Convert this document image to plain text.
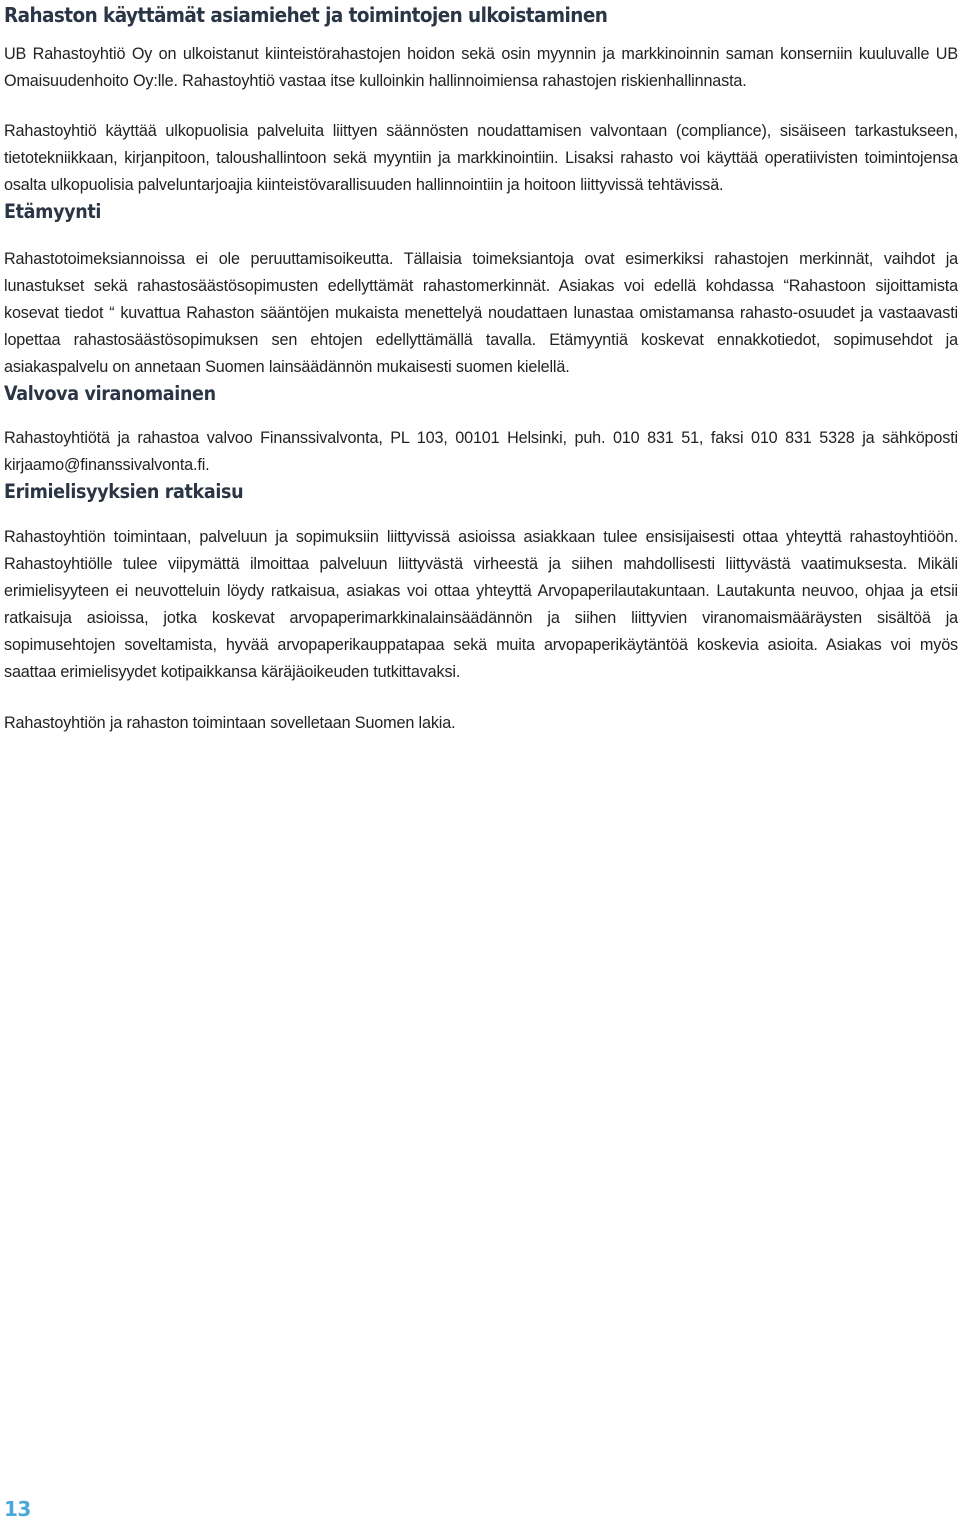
Rahaston käyttämät asiamiehet ja toimintojen ulkoistaminen

UB Rahastoyhtiö Oy on ulkoistanut kiinteistörahastojen hoidon sekä osin myynnin ja markkinoinnin saman konserniin kuuluvalle UB Omaisuudenhoito Oy:lle. Rahastoyhtiö vastaa itse kulloinkin hallinnoimiensa rahastojen riskienhallinnasta.

Rahastoyhtiö käyttää ulkopuolisia palveluita liittyen säännösten noudattamisen valvontaan (compliance), sisäiseen tarkastukseen, tietotekniikkaan, kirjanpitoon, taloushallintoon sekä myyntiin ja markkinointiin. Lisaksi rahasto voi käyttää operatiivisten toimintojensa osalta ulkopuolisia palveluntarjoajia kiinteistövarallisuuden hallinnointiin ja hoitoon liittyvissä tehtävissä.

Etämyynti

Rahastotoimeksiannoissa ei ole peruuttamisoikeutta. Tällaisia toimeksiantoja ovat esimerkiksi rahastojen merkinnät, vaihdot ja lunastukset sekä rahastosäästösopimusten edellyttämät rahastomerkinnät. Asiakas voi edellä kohdassa “Rahastoon sijoittamista kosevat tiedot “ kuvattua Rahaston sääntöjen mukaista menettelyä noudattaen lunastaa omistamansa rahasto-osuudet ja vastaavasti lopettaa rahastosäästösopimuksen sen ehtojen edellyttämällä tavalla. Etämyyntiä koskevat ennakkotiedot, sopimusehdot ja asiakaspalvelu on annetaan Suomen lainsäädännön mukaisesti suomen kielellä.

Valvova viranomainen

Rahastoyhtiötä ja rahastoa valvoo Finanssivalvonta, PL 103, 00101 Helsinki, puh. 010 831 51, faksi 010 831 5328 ja sähköposti kirjaamo@finanssivalvonta.fi.

Erimielisyyksien ratkaisu

Rahastoyhtiön toimintaan, palveluun ja sopimuksiin liittyvissä asioissa asiakkaan tulee ensisijaisesti ottaa yhteyttä rahastoyhtiöön. Rahastoyhtiölle tulee viipymättä ilmoittaa palveluun liittyvästä virheestä ja siihen mahdollisesti liittyvästä vaatimuksesta. Mikäli erimielisyyteen ei neuvotteluin löydy ratkaisua, asiakas voi ottaa yhteyttä Arvopaperilautakuntaan. Lautakunta neuvoo, ohjaa ja etsii ratkaisuja asioissa, jotka koskevat arvopaperimarkkinalainsäädännön ja siihen liittyvien viranomaismääräysten sisältöä ja sopimusehtojen soveltamista, hyvää arvopaperikauppatapaa sekä muita arvopaperikäytäntöä koskevia asioita. Asiakas voi myös saattaa erimielisyydet kotipaikkansa käräjäoikeuden tutkittavaksi.

Rahastoyhtiön ja rahaston toimintaan sovelletaan Suomen lakia.

13
